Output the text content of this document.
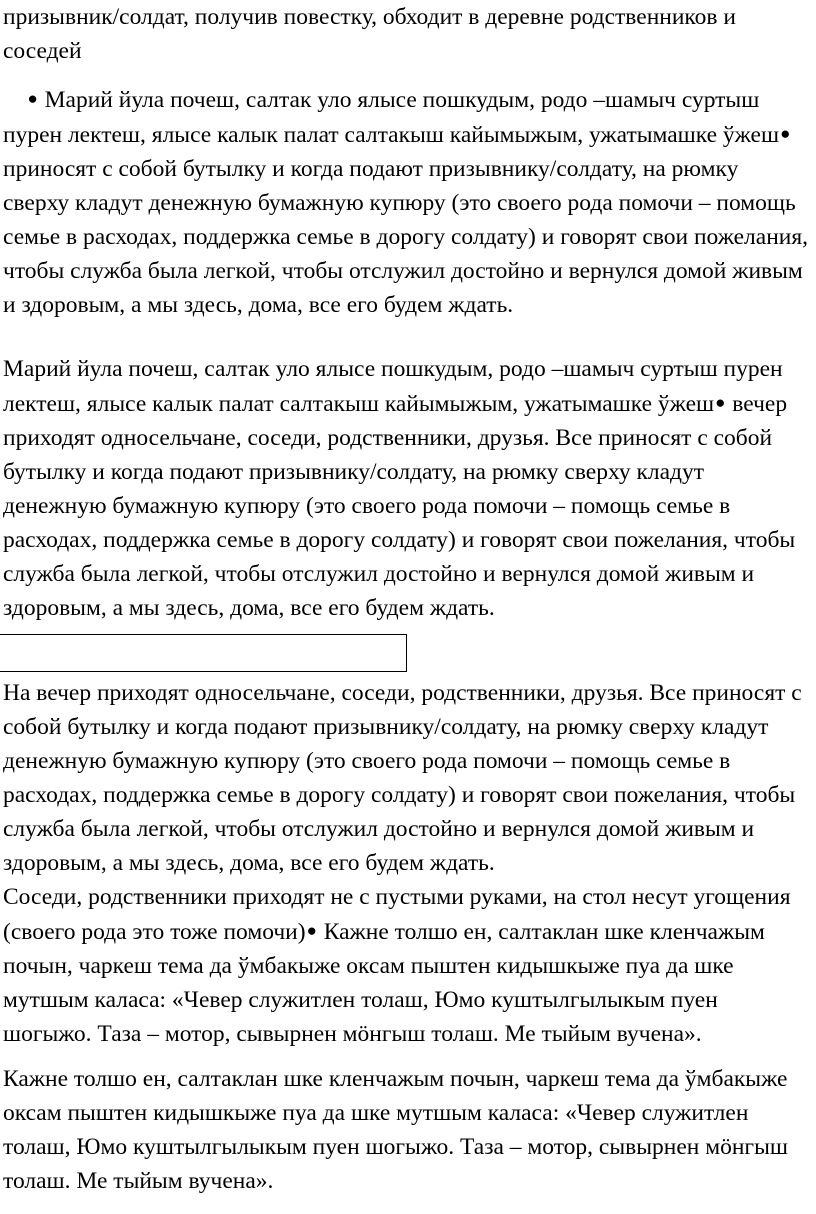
призывник/солдат, получив повестку, обходит в деревне родственников и соседей

● Марий йула почеш, салтак уло ялысе пошкудым, родо –шамыч суртыш пурен лектеш, ялысе калык палат салтакыш кайымыжым, ужатымашке ўжеш●
приносят с собой бутылку и когда подают призывнику/солдату, на рюмку сверху кладут денежную бумажную купюру (это своего рода помочи – помощь семье в расходах, поддержка семье в дорогу солдату) и говорят свои пожелания, чтобы служба была легкой, чтобы отслужил достойно и вернулся домой живым и здоровым, а мы здесь, дома, все его будем ждать.

Марий йула почеш, салтак уло ялысе пошкудым, родо –шамыч суртыш пурен лектеш, ялысе калык палат салтакыш кайымыжым, ужатымашке ўжеш● вечер приходят односельчане, соседи, родственники, друзья. Все приносят с собой бутылку и когда подают призывнику/солдату, на рюмку сверху кладут денежную бумажную купюру (это своего рода помочи – помощь семье в расходах, поддержка семье в дорогу солдату) и говорят свои пожелания, чтобы служба была легкой, чтобы отслужил достойно и вернулся домой живым и здоровым, а мы здесь, дома, все его будем ждать.

На вечер приходят односельчане, соседи, родственники, друзья. Все приносят с собой бутылку и когда подают призывнику/солдату, на рюмку сверху кладут денежную бумажную купюру (это своего рода помочи – помощь семье в расходах, поддержка семье в дорогу солдату) и говорят свои пожелания, чтобы служба была легкой, чтобы отслужил достойно и вернулся домой живым и здоровым, а мы здесь, дома, все его будем ждать.

Соседи, родственники приходят не с пустыми руками, на стол несут угощения (своего рода это тоже помочи)● Кажне толшо ен, салтаклан шке кленчажым почын, чаркеш тема да ўмбакыже оксам пыштен кидышкыже пуа да шке мутшым каласа: «Чевер служитлен толаш, Юмо куштылгылыкым пуен шогыжо. Таза – мотор, сывырнен мӧнгыш толаш. Ме тыйым вучена».

Кажне толшо ен, салтаклан шке кленчажым почын, чаркеш тема да ўмбакыже оксам пыштен кидышкыже пуа да шке мутшым каласа: «Чевер служитлен толаш, Юмо куштылгылыкым пуен шогыжо. Таза – мотор, сывырнен мӧнгыш толаш. Ме тыйым вучена».
